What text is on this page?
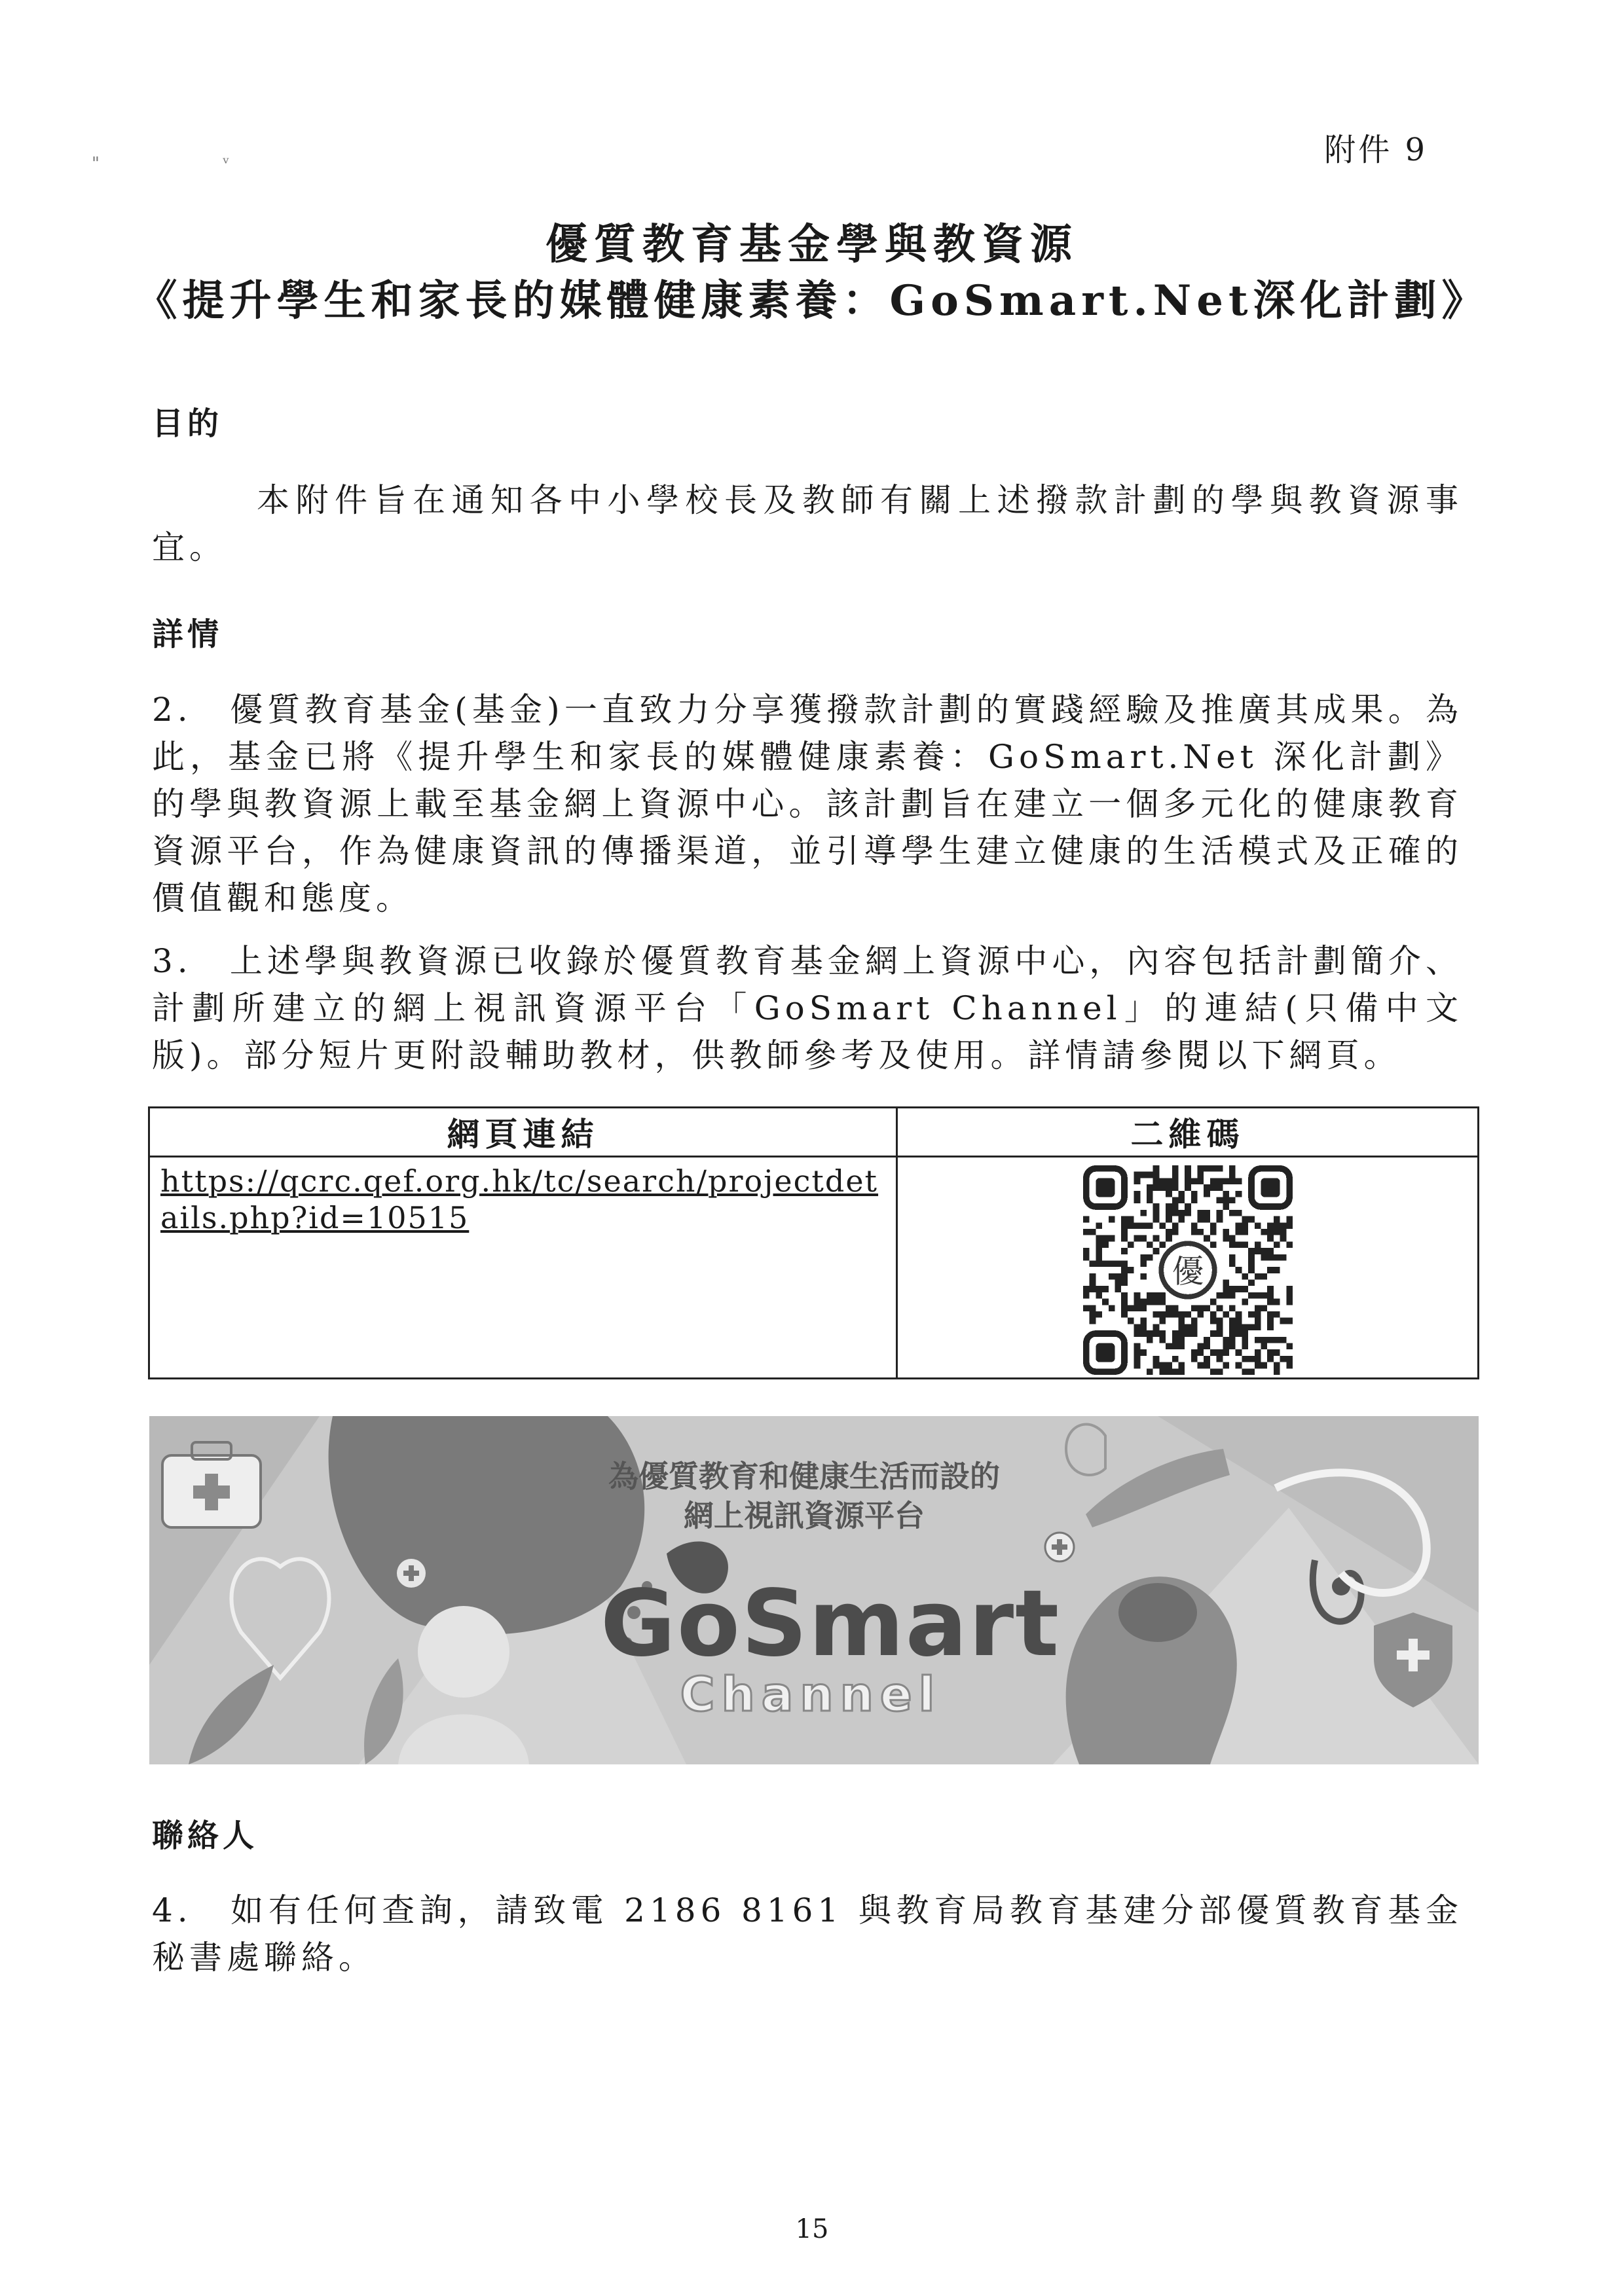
附件 9
" ᵛ
優質教育基金學與教資源
《提升學生和家長的媒體健康素養：GoSmart.Net深化計劃》
目的

本附件旨在通知各中小學校長及教師有關上述撥款計劃的學與教資源事宜。

詳情

2.　優質教育基金(基金)一直致力分享獲撥款計劃的實踐經驗及推廣其成果。為此，基金已將《提升學生和家長的媒體健康素養：GoSmart.Net 深化計劃》的學與教資源上載至基金網上資源中心。該計劃旨在建立一個多元化的健康教育資源平台，作為健康資訊的傳播渠道，並引導學生建立健康的生活模式及正確的價值觀和態度。

3.　上述學與教資源已收錄於優質教育基金網上資源中心，內容包括計劃簡介、計劃所建立的網上視訊資源平台「GoSmart Channel」的連結(只備中文版)。部分短片更附設輔助教材，供教師參考及使用。詳情請參閱以下網頁。

網頁連結	二維碼
https://qcrc.qef.org.hk/tc/search/projectdetails.php?id=10515	優
為優質教育和健康生活而設的
網上視訊資源平台
GoSmart
Channel
聯絡人

4.　如有任何查詢，請致電 2186 8161 與教育局教育基建分部優質教育基金秘書處聯絡。

15
